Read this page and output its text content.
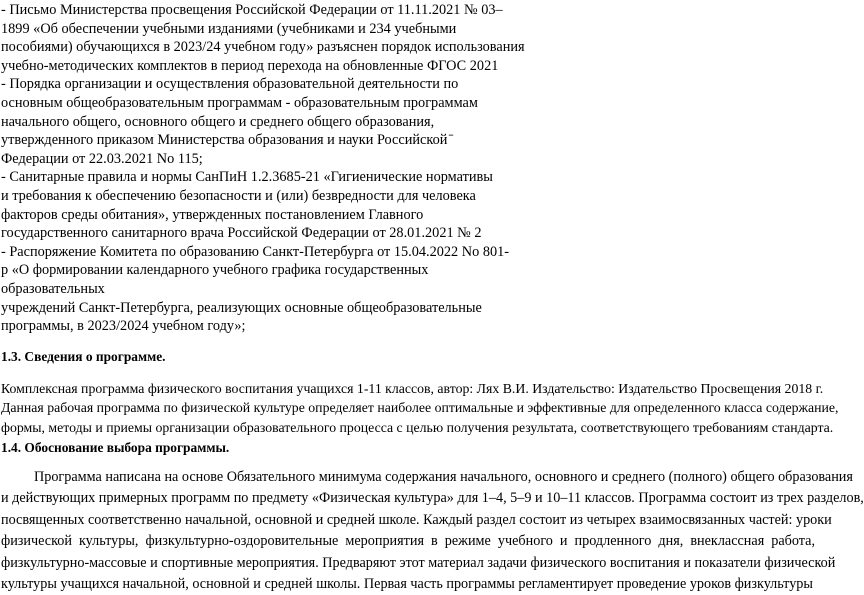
- Письмо Министерства просвещения Российской Федерации от 11.11.2021 № 03–
1899 «Об обеспечении учебными изданиями (учебниками и 234 учебными
пособиями) обучающихся в 2023/24 учебном году» разъяснен порядок использования
учебно-методических комплектов в период перехода на обновленные ФГОС 2021
- Порядка организации и осуществления образовательной деятельности по
основным общеобразовательным программам - образовательным программам
начального общего, основного общего и среднего общего образования,
утвержденного приказом Министерства образования и науки Российской ̄
Федерации от 22.03.2021 No 115;
- Санитарные правила и нормы СанПиН 1.2.3685-21 «Гигиенические нормативы
и требования к обеспечению безопасности и (или) безвредности для человека
факторов среды обитания», утвержденных постановлением Главного
государственного санитарного врача Российской Федерации от 28.01.2021 № 2
- Распоряжение Комитета по образованию Санкт-Петербурга от 15.04.2022 No 801-
р «О формировании календарного учебного графика государственных
образовательных
учреждений Санкт-Петербурга, реализующих основные общеобразовательные
программы, в 2023/2024 учебном году»;
1.3. Сведения о программе.
Комплексная программа физического воспитания учащихся 1-11 классов, автор: Лях В.И. Издательство: Издательство Просвещения 2018 г.
Данная рабочая программа по физической культуре определяет наиболее оптимальные и эффективные для определенного класса содержание,
формы, методы и приемы организации образовательного процесса с целью получения результата, соответствующего требованиям стандарта.
1.4. Обоснование выбора программы.
Программа написана на основе Обязательного минимума содержания начального, основного и среднего (полного) общего образования
и действующих примерных программ по предмету «Физическая культура» для 1–4, 5–9 и 10–11 классов. Программа состоит из трех разделов,
посвященных соответственно начальной, основной и средней школе. Каждый раздел состоит из четырех взаимосвязанных частей: уроки
физической культуры, физкультурно-оздоровительные мероприятия в режиме учебного и продленного дня, внеклассная работа,
физкультурно-массовые и спортивные мероприятия. Предваряют этот материал задачи физического воспитания и показатели физической
культуры учащихся начальной, основной и средней школы. Первая часть программы регламентирует проведение уроков физкультуры
